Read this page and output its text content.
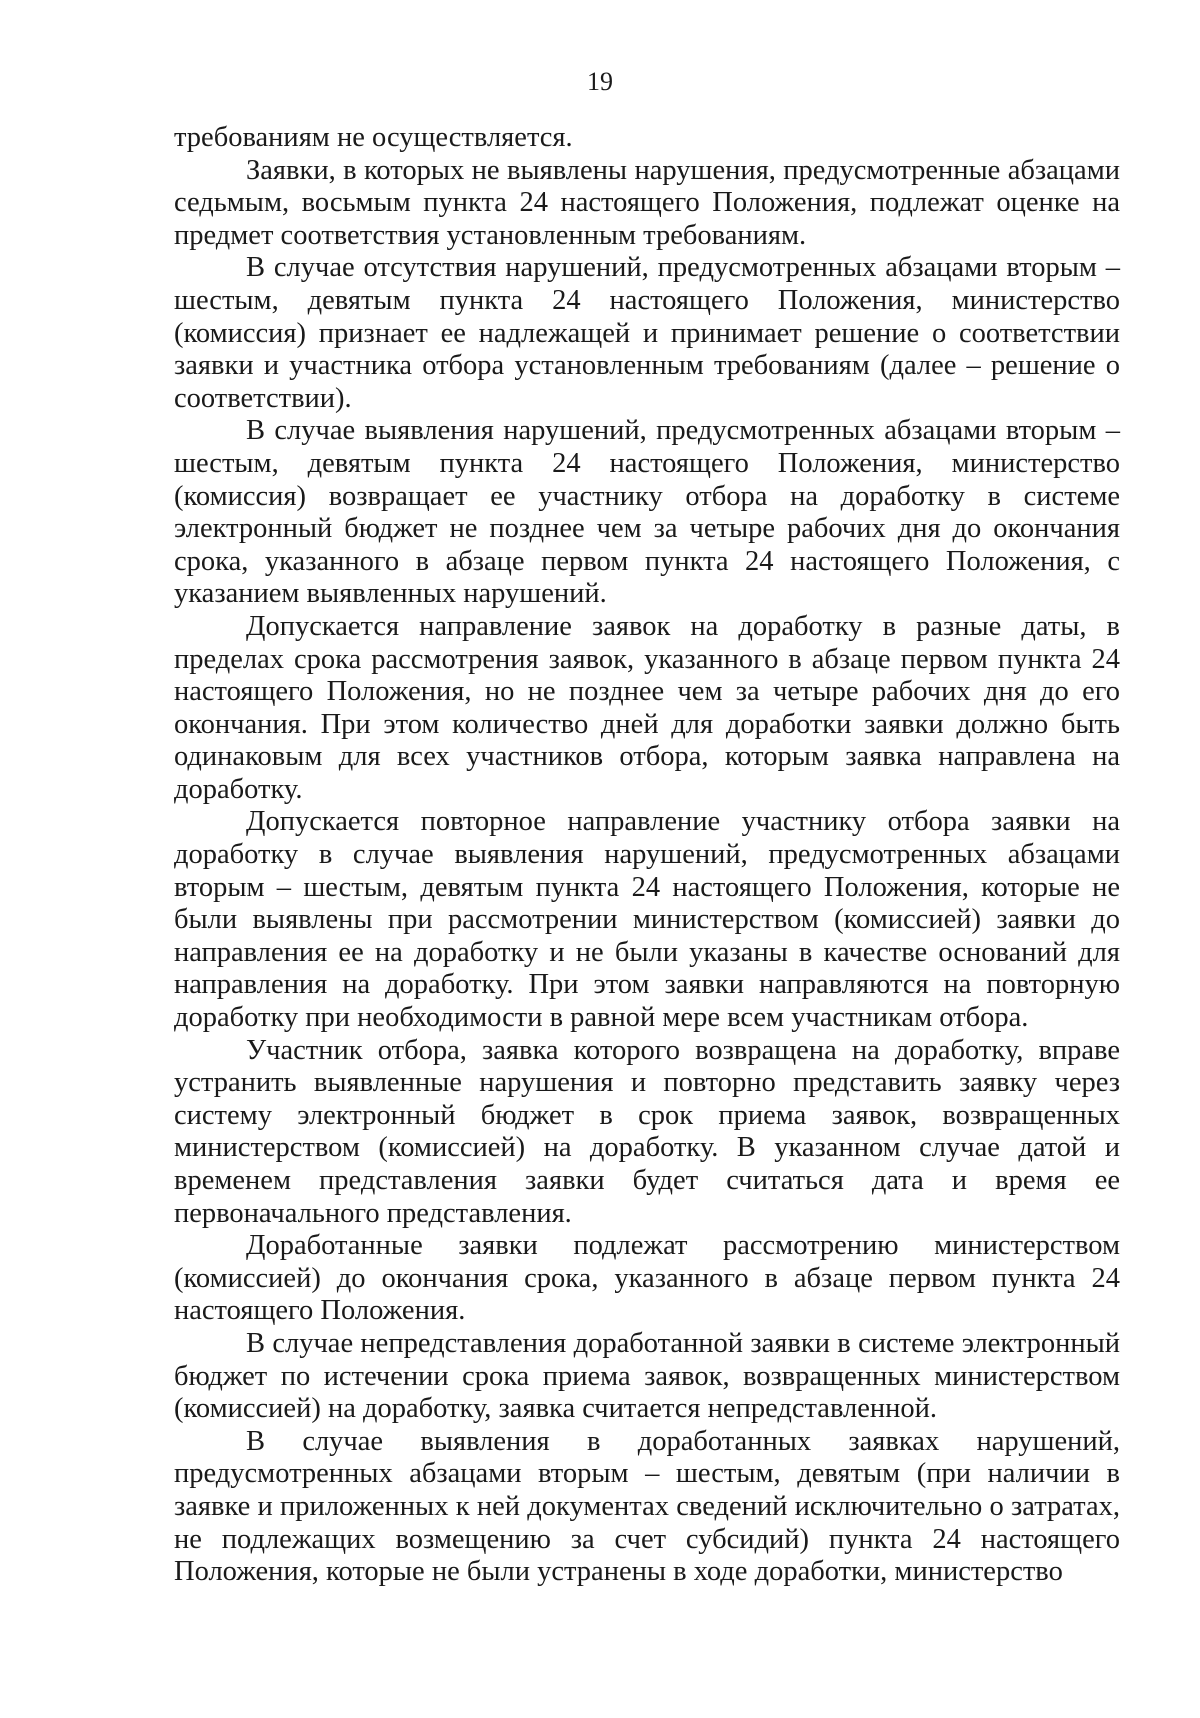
19

требованиям не осуществляется.

Заявки, в которых не выявлены нарушения, предусмотренные абзацами седьмым, восьмым пункта 24 настоящего Положения, подлежат оценке на предмет соответствия установленным требованиям.

В случае отсутствия нарушений, предусмотренных абзацами вторым – шестым, девятым пункта 24 настоящего Положения, министерство (комиссия) признает ее надлежащей и принимает решение о соответствии заявки и участника отбора установленным требованиям (далее – решение о соответствии).

В случае выявления нарушений, предусмотренных абзацами вторым – шестым, девятым пункта 24 настоящего Положения, министерство (комиссия) возвращает ее участнику отбора на доработку в системе электронный бюджет не позднее чем за четыре рабочих дня до окончания срока, указанного в абзаце первом пункта 24 настоящего Положения, с указанием выявленных нарушений.

Допускается направление заявок на доработку в разные даты, в пределах срока рассмотрения заявок, указанного в абзаце первом пункта 24 настоящего Положения, но не позднее чем за четыре рабочих дня до его окончания. При этом количество дней для доработки заявки должно быть одинаковым для всех участников отбора, которым заявка направлена на доработку.

Допускается повторное направление участнику отбора заявки на доработку в случае выявления нарушений, предусмотренных абзацами вторым – шестым, девятым пункта 24 настоящего Положения, которые не были выявлены при рассмотрении министерством (комиссией) заявки до направления ее на доработку и не были указаны в качестве оснований для направления на доработку. При этом заявки направляются на повторную доработку при необходимости в равной мере всем участникам отбора.

Участник отбора, заявка которого возвращена на доработку, вправе устранить выявленные нарушения и повторно представить заявку через систему электронный бюджет в срок приема заявок, возвращенных министерством (комиссией) на доработку. В указанном случае датой и временем представления заявки будет считаться дата и время ее первоначального представления.

Доработанные заявки подлежат рассмотрению министерством (комиссией) до окончания срока, указанного в абзаце первом пункта 24 настоящего Положения.

В случае непредставления доработанной заявки в системе электронный бюджет по истечении срока приема заявок, возвращенных министерством (комиссией) на доработку, заявка считается непредставленной.

В случае выявления в доработанных заявках нарушений, предусмотренных абзацами вторым – шестым, девятым (при наличии в заявке и приложенных к ней документах сведений исключительно о затратах, не подлежащих возмещению за счет субсидий) пункта 24 настоящего Положения, которые не были устранены в ходе доработки, министерство
